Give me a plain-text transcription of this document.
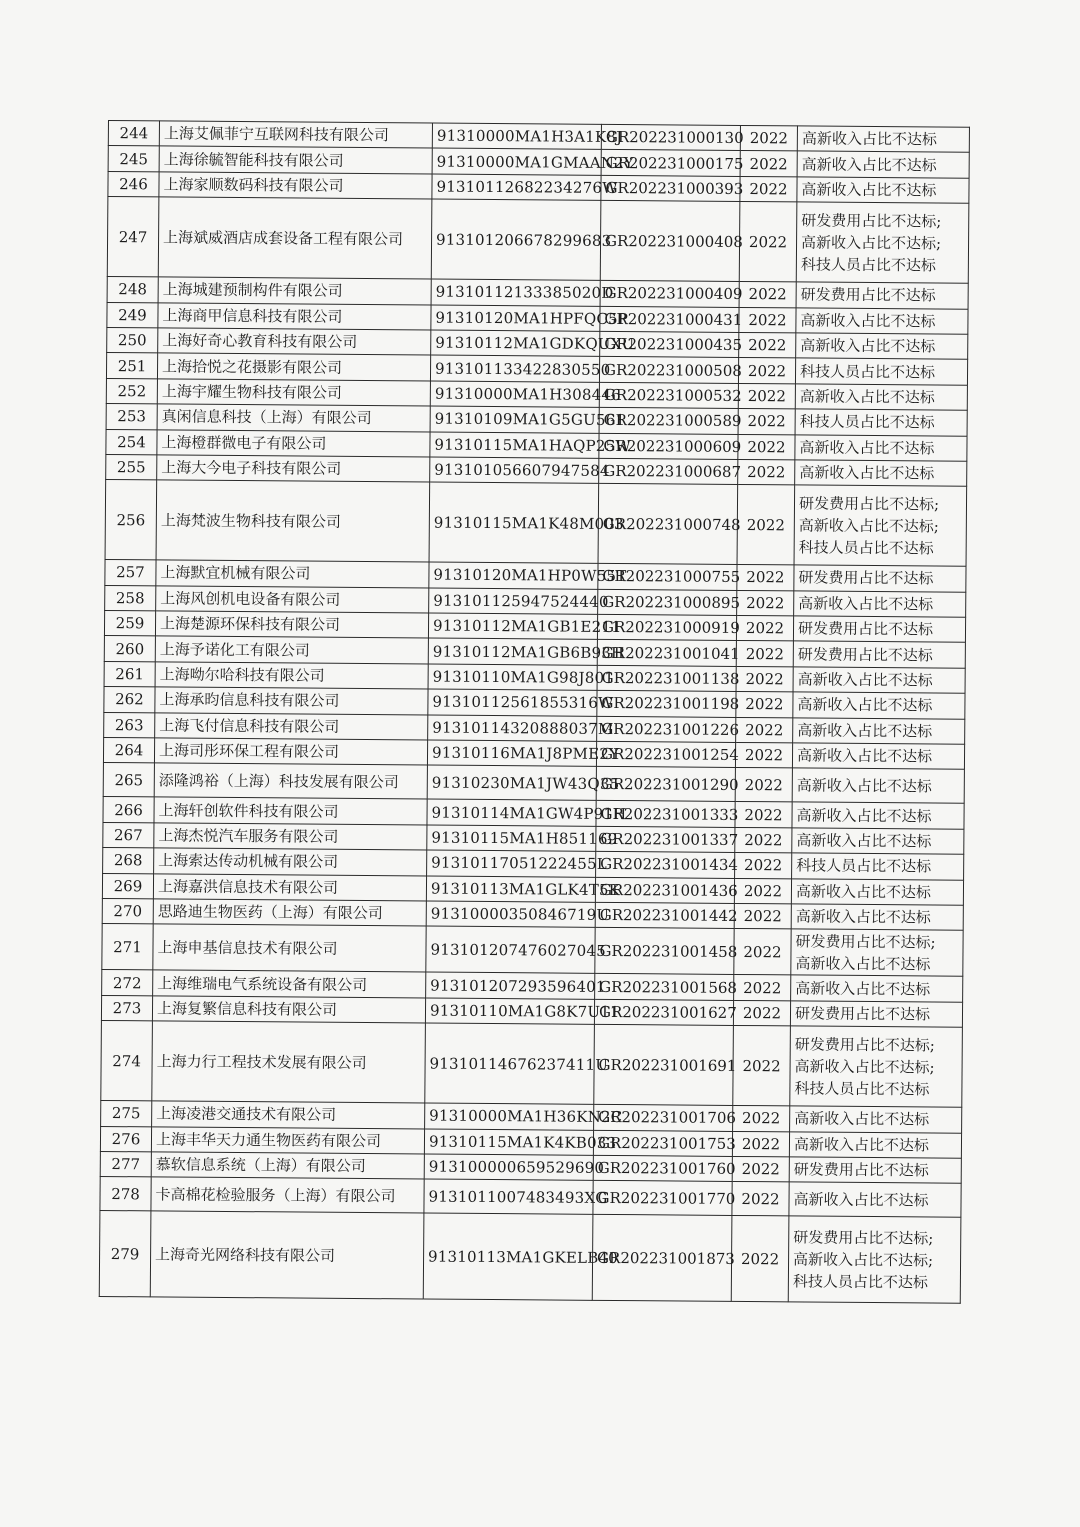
244	上海艾佩菲宁互联网科技有限公司	91310000MA1H3A1K8J	GR202231000130	2022	高新收入占比不达标

245	上海徐毓智能科技有限公司	91310000MA1GMAAN2Y	GR202231000175	2022	高新收入占比不达标

246	上海家顺数码科技有限公司	91310112682234276W	GR202231000393	2022	高新收入占比不达标

247	上海斌威酒店成套设备工程有限公司	913101206678299683	GR202231000408	2022	研发费用占比不达标;
高新收入占比不达标;
科技人员占比不达标

248	上海城建预制构件有限公司	91310112133385020D	GR202231000409	2022	研发费用占比不达标

249	上海商甲信息科技有限公司	91310120MA1HPFQC5P	GR202231000431	2022	高新收入占比不达标

250	上海好奇心教育科技有限公司	91310112MA1GDKQUXU	GR202231000435	2022	高新收入占比不达标

251	上海拾悦之花摄影有限公司	913101133422830550	GR202231000508	2022	科技人员占比不达标

252	上海宇耀生物科技有限公司	91310000MA1H308446	GR202231000532	2022	高新收入占比不达标

253	真闲信息科技（上海）有限公司	91310109MA1G5GU561	GR202231000589	2022	科技人员占比不达标

254	上海橙群微电子有限公司	91310115MA1HAQP25W	GR202231000609	2022	高新收入占比不达标

255	上海大今电子科技有限公司	913101056607947584	GR202231000687	2022	高新收入占比不达标

256	上海梵波生物科技有限公司	91310115MA1K48M003	GR202231000748	2022	研发费用占比不达标;
高新收入占比不达标;
科技人员占比不达标

257	上海默宜机械有限公司	91310120MA1HP0W55T	GR202231000755	2022	研发费用占比不达标

258	上海风创机电设备有限公司	913101125947524440	GR202231000895	2022	高新收入占比不达标

259	上海楚源环保科技有限公司	91310112MA1GB1E211	GR202231000919	2022	研发费用占比不达标

260	上海予诺化工有限公司	91310112MA1GB6B93H	GR202231001041	2022	研发费用占比不达标

261	上海呦尔哈科技有限公司	91310110MA1G98J801	GR202231001138	2022	高新收入占比不达标

262	上海承昀信息科技有限公司	91310112561855316W	GR202231001198	2022	高新收入占比不达标

263	上海飞付信息科技有限公司	91310114320888037M	GR202231001226	2022	高新收入占比不达标

264	上海司彤环保工程有限公司	91310116MA1J8PME2Y	GR202231001254	2022	高新收入占比不达标

265	添隆鸿裕（上海）科技发展有限公司	91310230MA1JW43Q35	GR202231001290	2022	高新收入占比不达标

266	上海轩创软件科技有限公司	91310114MA1GW4P91H	GR202231001333	2022	高新收入占比不达标

267	上海杰悦汽车服务有限公司	91310115MA1H851169	GR202231001337	2022	高新收入占比不达标

268	上海索达传动机械有限公司	91310117051222455L	GR202231001434	2022	科技人员占比不达标

269	上海嘉洪信息技术有限公司	91310113MA1GLK4T5K	GR202231001436	2022	高新收入占比不达标

270	思路迪生物医药（上海）有限公司	9131000035084671​9U	GR202231001442	2022	高新收入占比不达标

271	上海申基信息技术有限公司	913101207476027045	GR202231001458	2022	研发费用占比不达标;
高新收入占比不达标

272	上海维瑞电气系统设备有限公司	913101207293596401	GR202231001568	2022	高新收入占比不达标

273	上海复繁信息科技有限公司	91310110MA1G8K7U11	GR202231001627	2022	研发费用占比不达标

274	上海力行工程技术发展有限公司	91310114676237411U	GR202231001691	2022	研发费用占比不达标;
高新收入占比不达标;
科技人员占比不达标

275	上海凌港交通技术有限公司	91310000MA1H36KN2C	GR202231001706	2022	高新收入占比不达标

276	上海丰华天力通生物医药有限公司	91310115MA1K4KB033	GR202231001753	2022	高新收入占比不达标

277	慕软信息系统（上海）有限公司	913100000659529690	GR202231001760	2022	研发费用占比不达标

278	卡高棉花检验服务（上海）有限公司	913101100748349​3XG	GR202231001770	2022	高新收入占比不达标

279	上海奇光网络科技有限公司	91310113MA1GKELB40	GR202231001873	2022	研发费用占比不达标;
高新收入占比不达标;
科技人员占比不达标
